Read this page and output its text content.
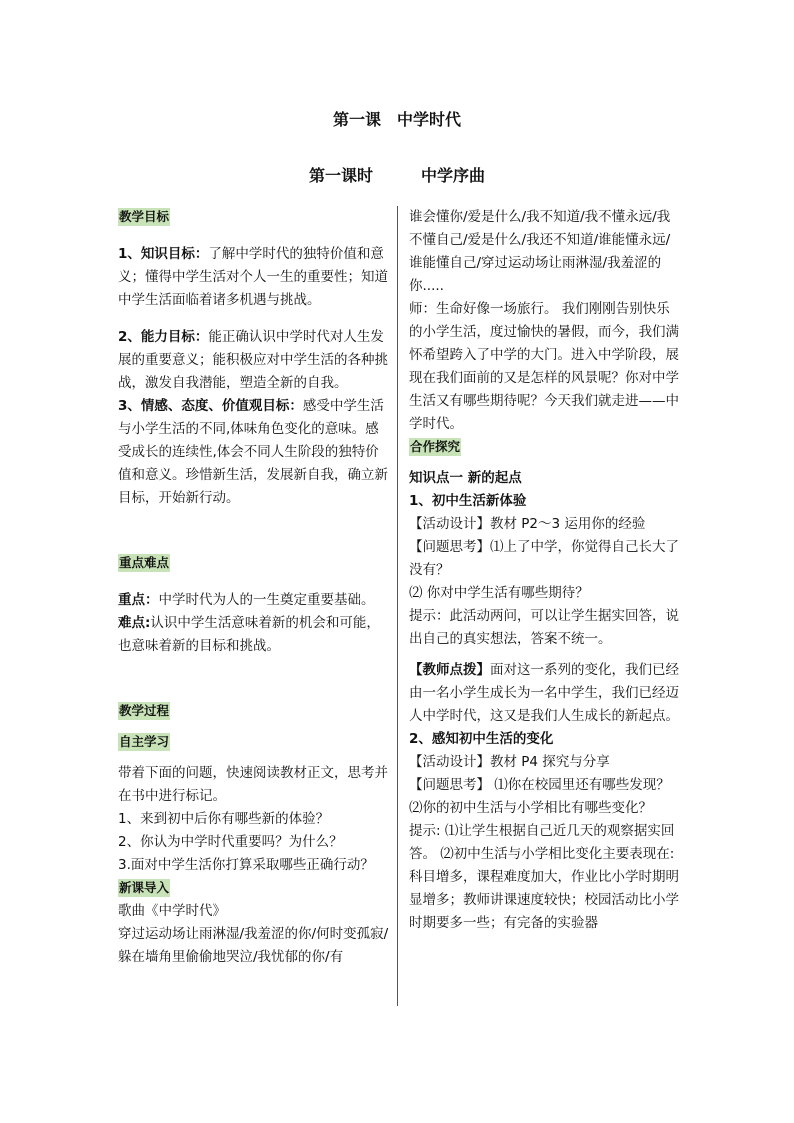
第一课　中学时代
第一课时　　　中学序曲

教学目标

1、知识目标：了解中学时代的独特价值和意义；懂得中学生活对个人一生的重要性；知道中学生活面临着诸多机遇与挑战。

2、能力目标：能正确认识中学时代对人生发展的重要意义；能积极应对中学生活的各种挑战，激发自我潜能，塑造全新的自我。

3、情感、态度、价值观目标：感受中学生活与小学生活的不同,体味角色变化的意味。感受成长的连续性,体会不同人生阶段的独特价值和意义。珍惜新生活，发展新自我，确立新目标，开始新行动。

重点难点

重点：中学时代为人的一生奠定重要基础。

难点:认识中学生活意味着新的机会和可能，也意味着新的目标和挑战。

教学过程

自主学习

带着下面的问题，快速阅读教材正文，思考并在书中进行标记。

1、来到初中后你有哪些新的体验？

2、你认为中学时代重要吗？为什么？

3.面对中学生活你打算采取哪些正确行动？

新课导入

歌曲《中学时代》

穿过运动场让雨淋湿/我羞涩的你/何时变孤寂/躲在墙角里偷偷地哭泣/我忧郁的你/有

谁会懂你/爱是什么/我不知道/我不懂永远/我不懂自己/爱是什么/我还不知道/谁能懂永远/谁能懂自己/穿过运动场让雨淋湿/我羞涩的你.....

师：生命好像一场旅行。 我们刚刚告别快乐的小学生活，度过愉快的暑假，而今，我们满怀希望跨入了中学的大门。进入中学阶段，展现在我们面前的又是怎样的风景呢？你对中学生活又有哪些期待呢？今天我们就走进——中学时代。

合作探究

知识点一 新的起点

1、初中生活新体验

【活动设计】教材 P2～3 运用你的经验

【问题思考】⑴上了中学，你觉得自己长大了没有？

⑵ 你对中学生活有哪些期待？

提示：此活动两问，可以让学生据实回答，说出自己的真实想法，答案不统一。

【教师点拨】面对这一系列的变化，我们已经由一名小学生成长为一名中学生，我们已经迈人中学时代，这又是我们人生成长的新起点。

2、感知初中生活的变化

【活动设计】教材 P4 探究与分享

【问题思考】 ⑴你在校园里还有哪些发现？

⑵你的初中生活与小学相比有哪些变化？

提示: ⑴让学生根据自己近几天的观察据实回答。 ⑵初中生活与小学相比变化主要表现在: 科目增多，课程难度加大，作业比小学时期明显增多；教师讲课速度较快；校园活动比小学时期要多一些；有完备的实验器
